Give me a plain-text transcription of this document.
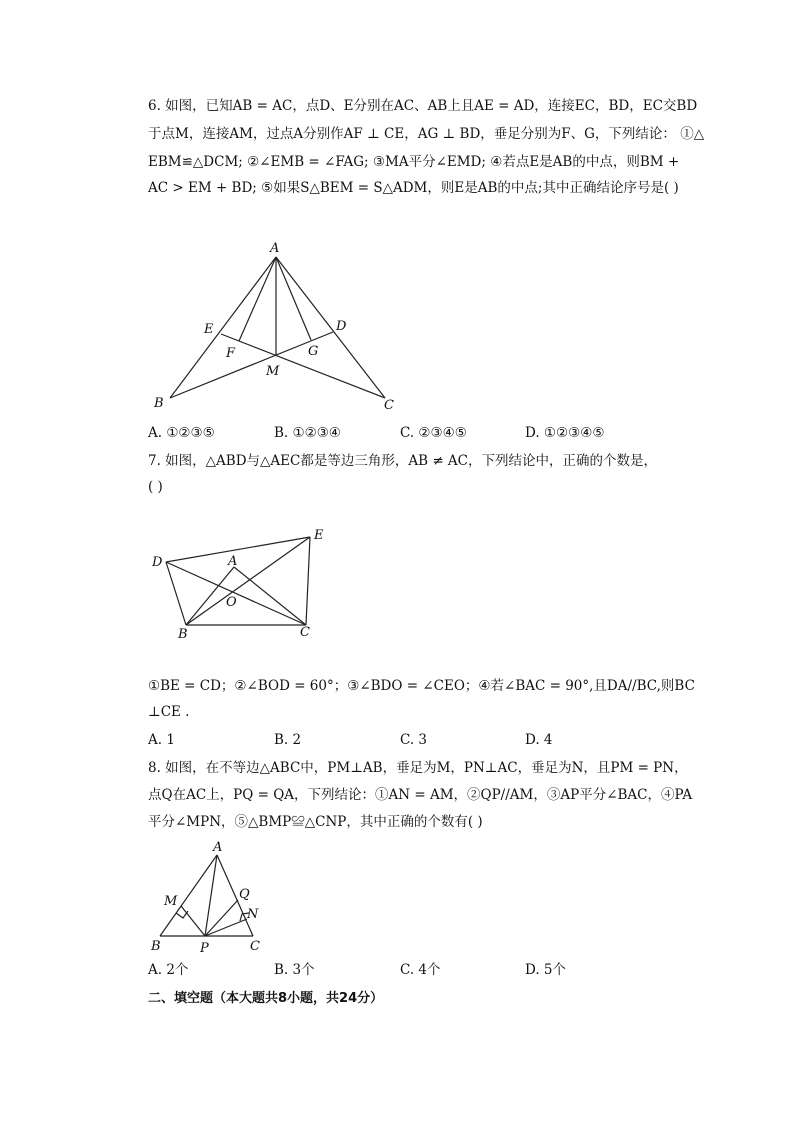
6. 如图，已知AB = AC，点D、E分别在AC、AB上且AE = AD，连接EC，BD，EC交BD
于点M，连接AM，过点A分别作AF ⊥ CE，AG ⊥ BD，垂足分别为F、G，下列结论： ①△
EBM≌△DCM; ②∠EMB = ∠FAG; ③MA平分∠EMD; ④若点E是AB的中点，则BM +
AC > EM + BD; ⑤如果S△BEM = S△ADM，则E是AB的中点;其中正确结论序号是( )
A
E	D
F	G
M
B	C
A. ①②③⑤	B. ①②③④	C. ②③④⑤	D. ①②③④⑤
7. 如图，△ABD与△AEC都是等边三角形，AB ≠ AC，下列结论中，正确的个数是，
( )
D	A
E
O
B	C
①BE = CD；②∠BOD = 60°；③∠BDO = ∠CEO；④若∠BAC = 90°,且DA//BC,则BC
⊥CE .
A. 1	B. 2	C. 3	D. 4
8. 如图，在不等边△ABC中，PM⊥AB，垂足为M，PN⊥AC，垂足为N，且PM = PN，
点Q在AC上，PQ = QA，下列结论：①AN = AM，②QP//AM，③AP平分∠BAC，④PA
平分∠MPN，⑤△BMP≌△CNP，其中正确的个数有( )
A
M	Q
N
B	P	C
A. 2个	B. 3个	C. 4个	D. 5个
二、填空题（本大题共8小题，共24分）
